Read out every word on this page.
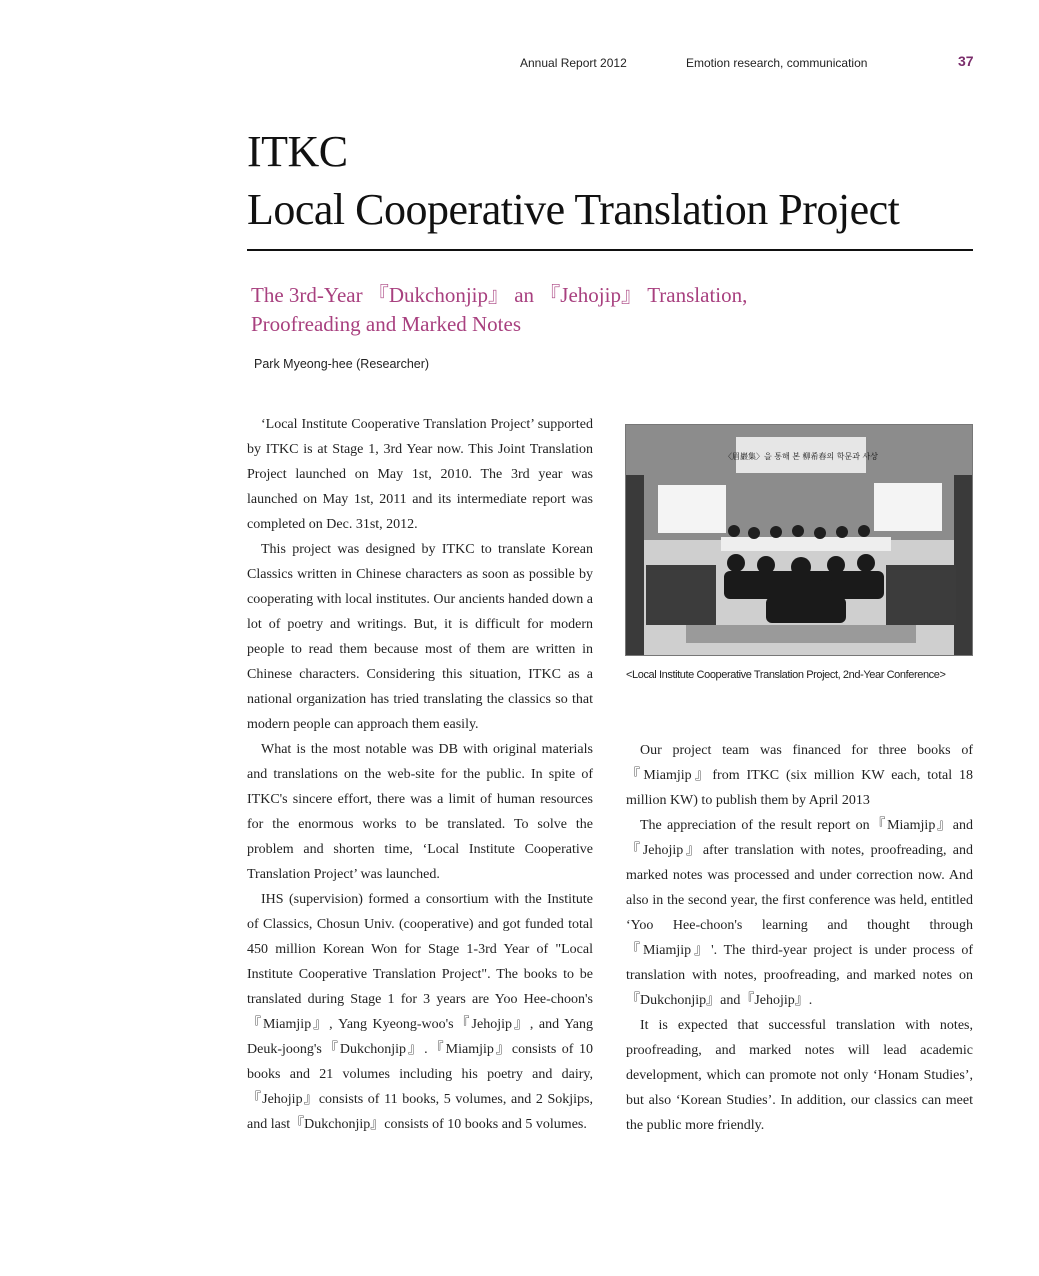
Annual Report 2012	Emotion research, communication	37
ITKC
Local Cooperative Translation Project
The 3rd-Year 『Dukchonjip』 an 『Jehojip』 Translation,
Proofreading and Marked Notes
Park Myeong-hee (Researcher)

‘Local Institute Cooperative Translation Project’ supported by ITKC is at Stage 1, 3rd Year now. This Joint Translation Project launched on May 1st, 2010. The 3rd year was launched on May 1st, 2011 and its intermediate report was completed on Dec. 31st, 2012.

This project was designed by ITKC to translate Korean Classics written in Chinese characters as soon as possible by cooperating with local institutes. Our ancients handed down a lot of poetry and writings. But, it is difficult for modern people to read them because most of them are written in Chinese characters. Considering this situation, ITKC as a national organization has tried translating the classics so that modern people can approach them easily.

What is the most notable was DB with original materials and translations on the web-site for the public. In spite of ITKC's sincere effort, there was a limit of human resources for the enormous works to be translated. To solve the problem and shorten time, ‘Local Institute Cooperative Translation Project’ was launched.

IHS (supervision) formed a consortium with the Institute of Classics, Chosun Univ. (cooperative) and got funded total 450 million Korean Won for Stage 1-3rd Year of "Local Institute Cooperative Translation Project". The books to be translated during Stage 1 for 3 years are Yoo Hee-choon's『Miamjip』, Yang Kyeong-woo's『Jehojip』, and Yang Deuk-joong's『Dukchonjip』.『Miamjip』consists of 10 books and 21 volumes including his poetry and dairy,『Jehojip』consists of 11 books, 5 volumes, and 2 Sokjips, and last『Dukchonjip』consists of 10 books and 5 volumes.

〈眉巖集〉을 통해 본 柳希春의 학문과 사상
<Local Institute Cooperative Translation Project, 2nd-Year Conference>

Our project team was financed for three books of『Miamjip』from ITKC (six million KW each, total 18 million KW) to publish them by April 2013

The appreciation of the result report on『Miamjip』and『Jehojip』after translation with notes, proofreading, and marked notes was processed and under correction now. And also in the second year, the first conference was held, entitled ‘Yoo Hee-choon's learning and thought through『Miamjip』'. The third-year project is under process of translation with notes, proofreading, and marked notes on『Dukchonjip』and『Jehojip』.

It is expected that successful translation with notes, proofreading, and marked notes will lead academic development, which can promote not only ‘Honam Studies’, but also ‘Korean Studies’. In addition, our classics can meet the public more friendly.
